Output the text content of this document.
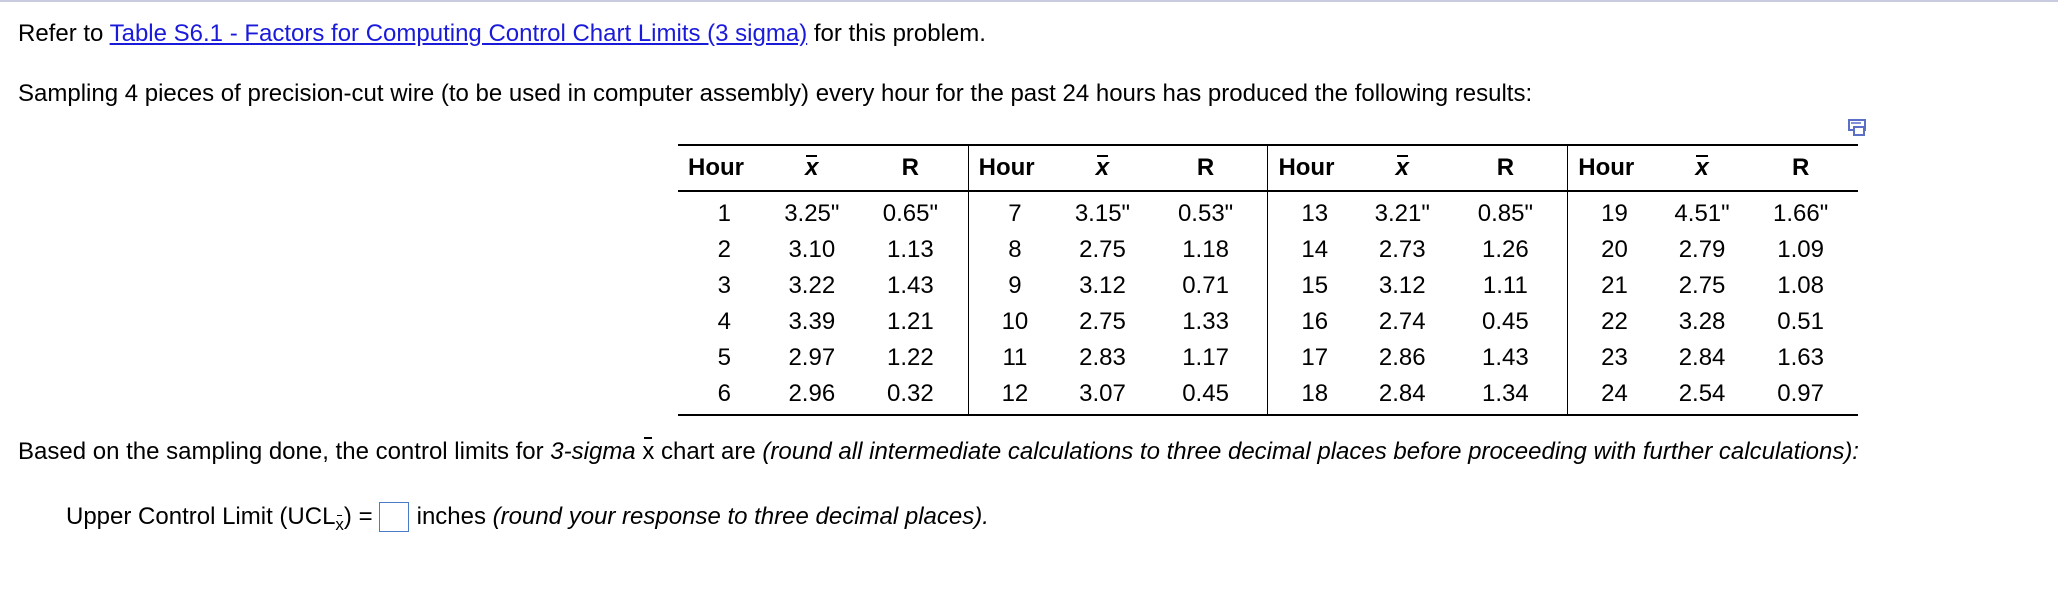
Refer to Table S6.1 - Factors for Computing Control Chart Limits (3 sigma) for this problem.
Sampling 4 pieces of precision-cut wire (to be used in computer assembly) every hour for the past 24 hours has produced the following results:
Hour	x	R	Hour	x	R	Hour	x	R	Hour	x	R
1	3.25"	0.65"	7	3.15"	0.53"	13	3.21"	0.85"	19	4.51"	1.66"
2	3.10	1.13	8	2.75	1.18	14	2.73	1.26	20	2.79	1.09
3	3.22	1.43	9	3.12	0.71	15	3.12	1.11	21	2.75	1.08
4	3.39	1.21	10	2.75	1.33	16	2.74	0.45	22	3.28	0.51
5	2.97	1.22	11	2.83	1.17	17	2.86	1.43	23	2.84	1.63
6	2.96	0.32	12	3.07	0.45	18	2.84	1.34	24	2.54	0.97
Based on the sampling done, the control limits for 3-sigma x chart are (round all intermediate calculations to three decimal places before proceeding with further calculations):
Upper Control Limit (UCL x ) = inches
(round your response to three decimal places).
